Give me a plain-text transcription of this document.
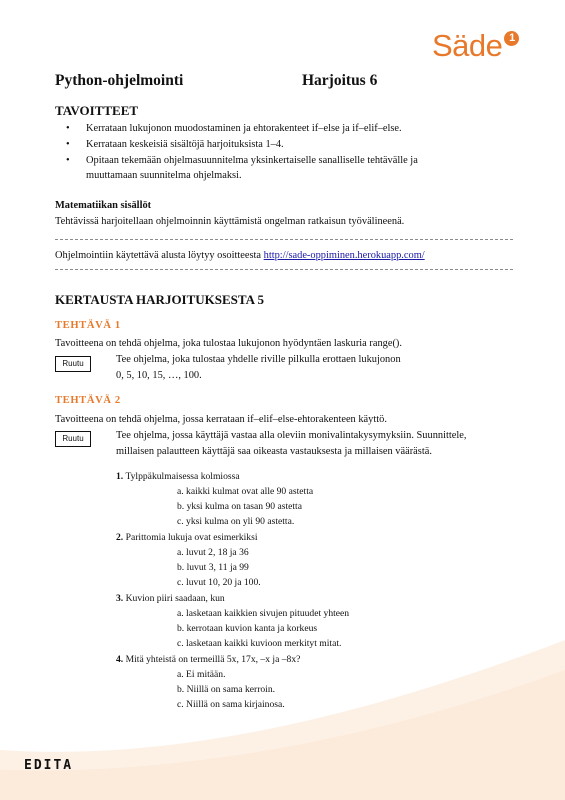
Säde 1
Python-ohjelmointi	Harjoitus 6
TAVOITTEET
• Kerrataan lukujonon muodostaminen ja ehtorakenteet if–else ja if–elif–else.
• Kerrataan keskeisiä sisältöjä harjoituksista 1–4.
• Opitaan tekemään ohjelmasuunnitelma yksinkertaiselle sanalliselle tehtävälle ja
muuttamaan suunnitelma ohjelmaksi.
Matematiikan sisällöt
Tehtävissä harjoitellaan ohjelmoinnin käyttämistä ongelman ratkaisun työvälineenä.
Ohjelmointiin käytettävä alusta löytyy osoitteesta http://sade-oppiminen.herokuapp.com/
KERTAUSTA HARJOITUKSESTA 5
TEHTÄVÄ 1
Tavoitteena on tehdä ohjelma, joka tulostaa lukujonon hyödyntäen laskuria range().
Ruutu	Tee ohjelma, joka tulostaa yhdelle riville pilkulla erottaen lukujonon
0, 5, 10, 15, …, 100.
TEHTÄVÄ 2
Tavoitteena on tehdä ohjelma, jossa kerrataan if–elif–else-ehtorakenteen käyttö.
Ruutu	Tee ohjelma, jossa käyttäjä vastaa alla oleviin monivalintakysymyksiin. Suunnittele,
millaisen palautteen käyttäjä saa oikeasta vastauksesta ja millaisen väärästä.
1. Tylppäkulmaisessa kolmiossa
a. kaikki kulmat ovat alle 90 astetta
b. yksi kulma on tasan 90 astetta
c. yksi kulma on yli 90 astetta.
2. Parittomia lukuja ovat esimerkiksi
a. luvut 2, 18 ja 36
b. luvut 3, 11 ja 99
c. luvut 10, 20 ja 100.
3. Kuvion piiri saadaan, kun
a. lasketaan kaikkien sivujen pituudet yhteen
b. kerrotaan kuvion kanta ja korkeus
c. lasketaan kaikki kuvioon merkityt mitat.
4. Mitä yhteistä on termeillä 5x, 17x, –x ja –8x?
a. Ei mitään.
b. Niillä on sama kerroin.
c. Niillä on sama kirjainosa.
EDITA
